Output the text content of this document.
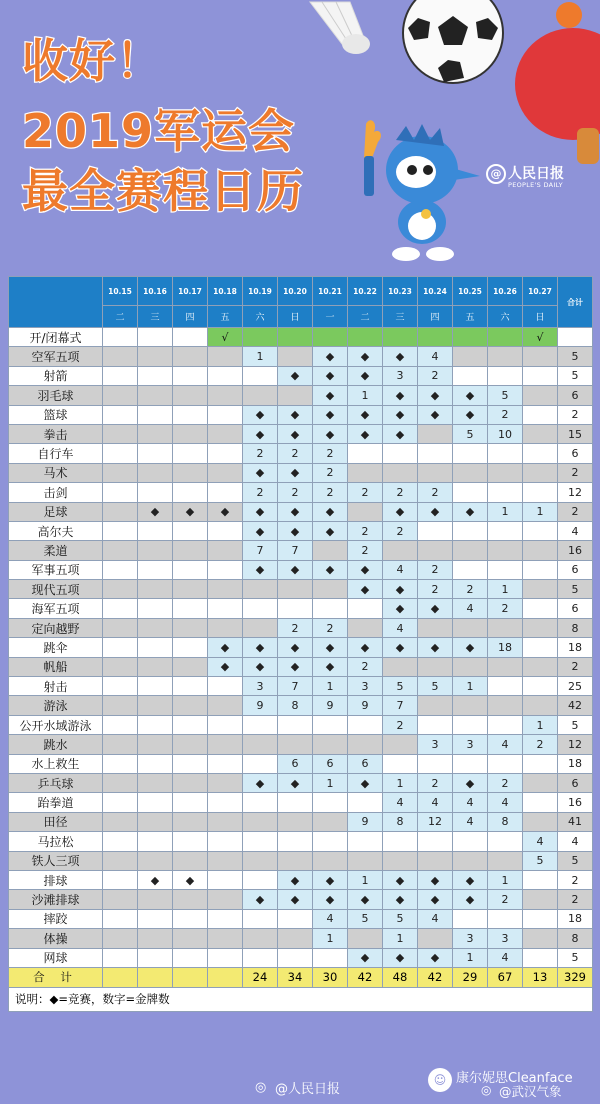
收好！
2019军运会
最全赛程日历	@ 人民日报
PEOPLE'S DAILY
	10.15	10.16	10.17	10.18	10.19	10.20	10.21	10.22	10.23	10.24	10.25	10.26	10.27	合计
	二	三	四	五	六	日	一	二	三	四	五	六	日	
开/闭幕式				√									√	
空军五项					1		◆	◆	◆	4				5
射箭						◆	◆	◆	3	2				5
羽毛球							◆	1	◆	◆	◆	5		6
篮球					◆	◆	◆	◆	◆	◆	◆	2		2
拳击					◆	◆	◆	◆	◆		5	10		15
自行车					2	2	2							6
马术					◆	◆	2							2
击剑					2	2	2	2	2	2				12
足球		◆	◆	◆	◆	◆	◆		◆	◆	◆	1	1	2
高尔夫					◆	◆	◆	2	2					4
柔道					7	7		2						16
军事五项					◆	◆	◆	◆	4	2				6
现代五项								◆	◆	2	2	1		5
海军五项									◆	◆	4	2		6
定向越野						2	2		4					8
跳伞				◆	◆	◆	◆	◆	◆	◆	◆	18		18
帆船				◆	◆	◆	◆	2						2
射击					3	7	1	3	5	5	1			25
游泳					9	8	9	9	7					42
公开水域游泳									2				1	5
跳水										3	3	4	2	12
水上救生						6	6	6						18
乒乓球					◆	◆	1	◆	1	2	◆	2		6
跆拳道									4	4	4	4		16
田径								9	8	12	4	8		41
马拉松													4	4
铁人三项													5	5
排球		◆	◆			◆	◆	1	◆	◆	◆	1		2
沙滩排球					◆	◆	◆	◆	◆	◆	◆	2		2
摔跤							4	5	5	4				18
体操							1		1		3	3		8
网球								◆	◆	◆	1	4		5
合 计					24	34	30	42	48	42	29	67	13	329
说明：◆=竞赛，数字=金牌数														
◎ @人民日报
☺ 康尔妮思Cleanface
◎ @武汉气象
